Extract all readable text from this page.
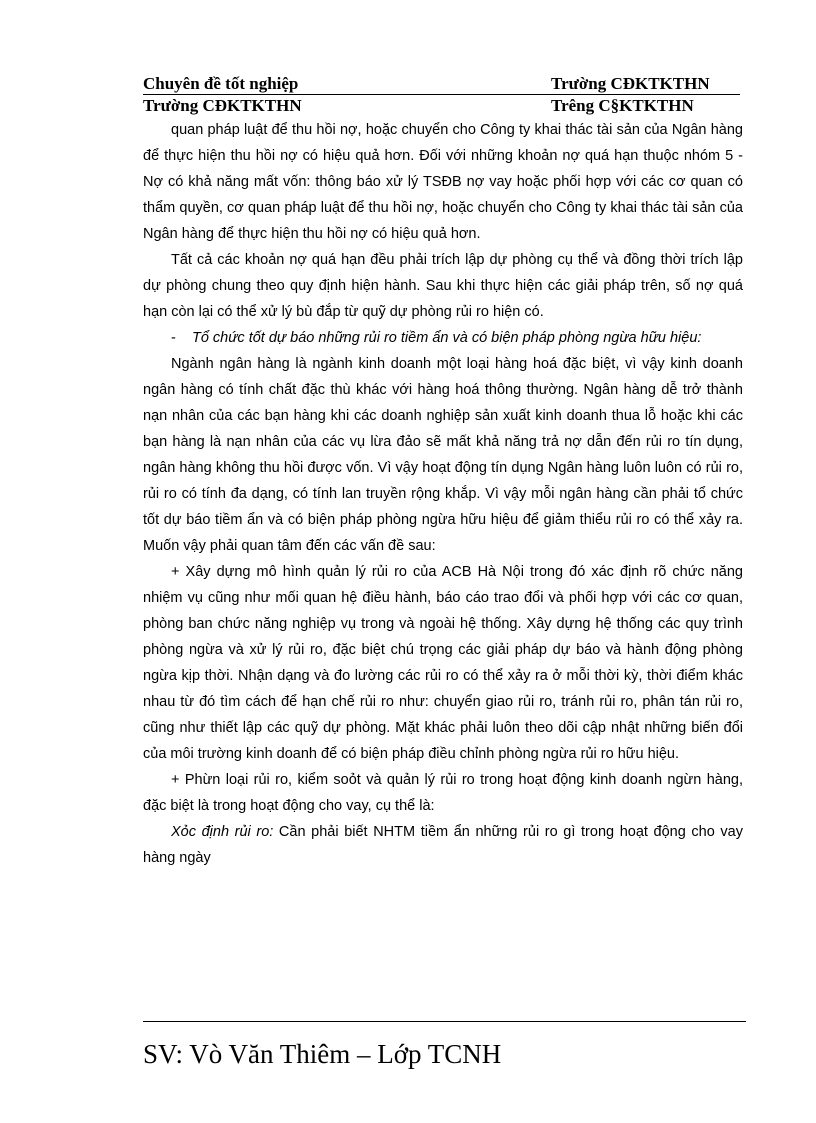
Chuyên đề tốt nghiệp	Trường CĐKTKTHN
Trường CĐKTKTHN	Trêng C§KTKTHN

quan pháp luật để thu hồi nợ, hoặc chuyển cho Công ty khai thác tài sản của Ngân hàng để thực hiện thu hồi nợ có hiệu quả hơn. Đối với những khoản nợ quá hạn thuộc nhóm 5 - Nợ có khả năng mất vốn: thông báo xử lý TSĐB nợ vay hoặc phối hợp với các cơ quan có thẩm quyền, cơ quan pháp luật để thu hồi nợ, hoặc chuyển cho Công ty khai thác tài sản của Ngân hàng để thực hiện thu hồi nợ có hiệu quả hơn.

Tất cả các khoản nợ quá hạn đều phải trích lập dự phòng cụ thể và đồng thời trích lập dự phòng chung theo quy định hiện hành. Sau khi thực hiện các giải pháp trên, số nợ quá hạn còn lại có thể xử lý bù đắp từ quỹ dự phòng rủi ro hiện có.

- Tổ chức tốt dự báo những rủi ro tiềm ẩn và có biện pháp phòng ngừa hữu hiệu:

Ngành ngân hàng là ngành kinh doanh một loại hàng hoá đặc biệt, vì vậy kinh doanh ngân hàng có tính chất đặc thù khác với hàng hoá thông thường. Ngân hàng dễ trở thành nạn nhân của các bạn hàng khi các doanh nghiệp sản xuất kinh doanh thua lỗ hoặc khi các bạn hàng là nạn nhân của các vụ lừa đảo sẽ mất khả năng trả nợ dẫn đến rủi ro tín dụng, ngân hàng không thu hồi được vốn. Vì vậy hoạt động tín dụng Ngân hàng luôn luôn có rủi ro, rủi ro có tính đa dạng, có tính lan truyền rộng khắp. Vì vậy mỗi ngân hàng cần phải tổ chức tốt dự báo tiềm ẩn và có biện pháp phòng ngừa hữu hiệu để giảm thiểu rủi ro có thể xảy ra. Muốn vậy phải quan tâm đến các vấn đề sau:

+ Xây dựng mô hình quản lý rủi ro của ACB Hà Nội trong đó xác định rõ chức năng nhiệm vụ cũng như mối quan hệ điều hành, báo cáo trao đổi và phối hợp với các cơ quan, phòng ban chức năng nghiệp vụ trong và ngoài hệ thống. Xây dựng hệ thống các quy trình phòng ngừa và xử lý rủi ro, đặc biệt chú trọng các giải pháp dự báo và hành động phòng ngừa kịp thời. Nhận dạng và đo lường các rủi ro có thể xảy ra ở mỗi thời kỳ, thời điểm khác nhau từ đó tìm cách để hạn chế rủi ro như: chuyển giao rủi ro, tránh rủi ro, phân tán rủi ro, cũng như thiết lập các quỹ dự phòng. Mặt khác phải luôn theo dõi cập nhật những biến đổi của môi trường kinh doanh để có biện pháp điều chỉnh phòng ngừa rủi ro hữu hiệu.

+ Phừn loại rủi ro, kiểm soỏt và quản lý rủi ro trong hoạt động kinh doanh ngừn hàng, đặc biệt là trong hoạt động cho vay, cụ thể là:

Xỏc định rủi ro: Cần phải biết NHTM tiềm ẩn những rủi ro gì trong hoạt động cho vay hàng ngày

SV: Vò Văn Thiêm – Lớp TCNH
